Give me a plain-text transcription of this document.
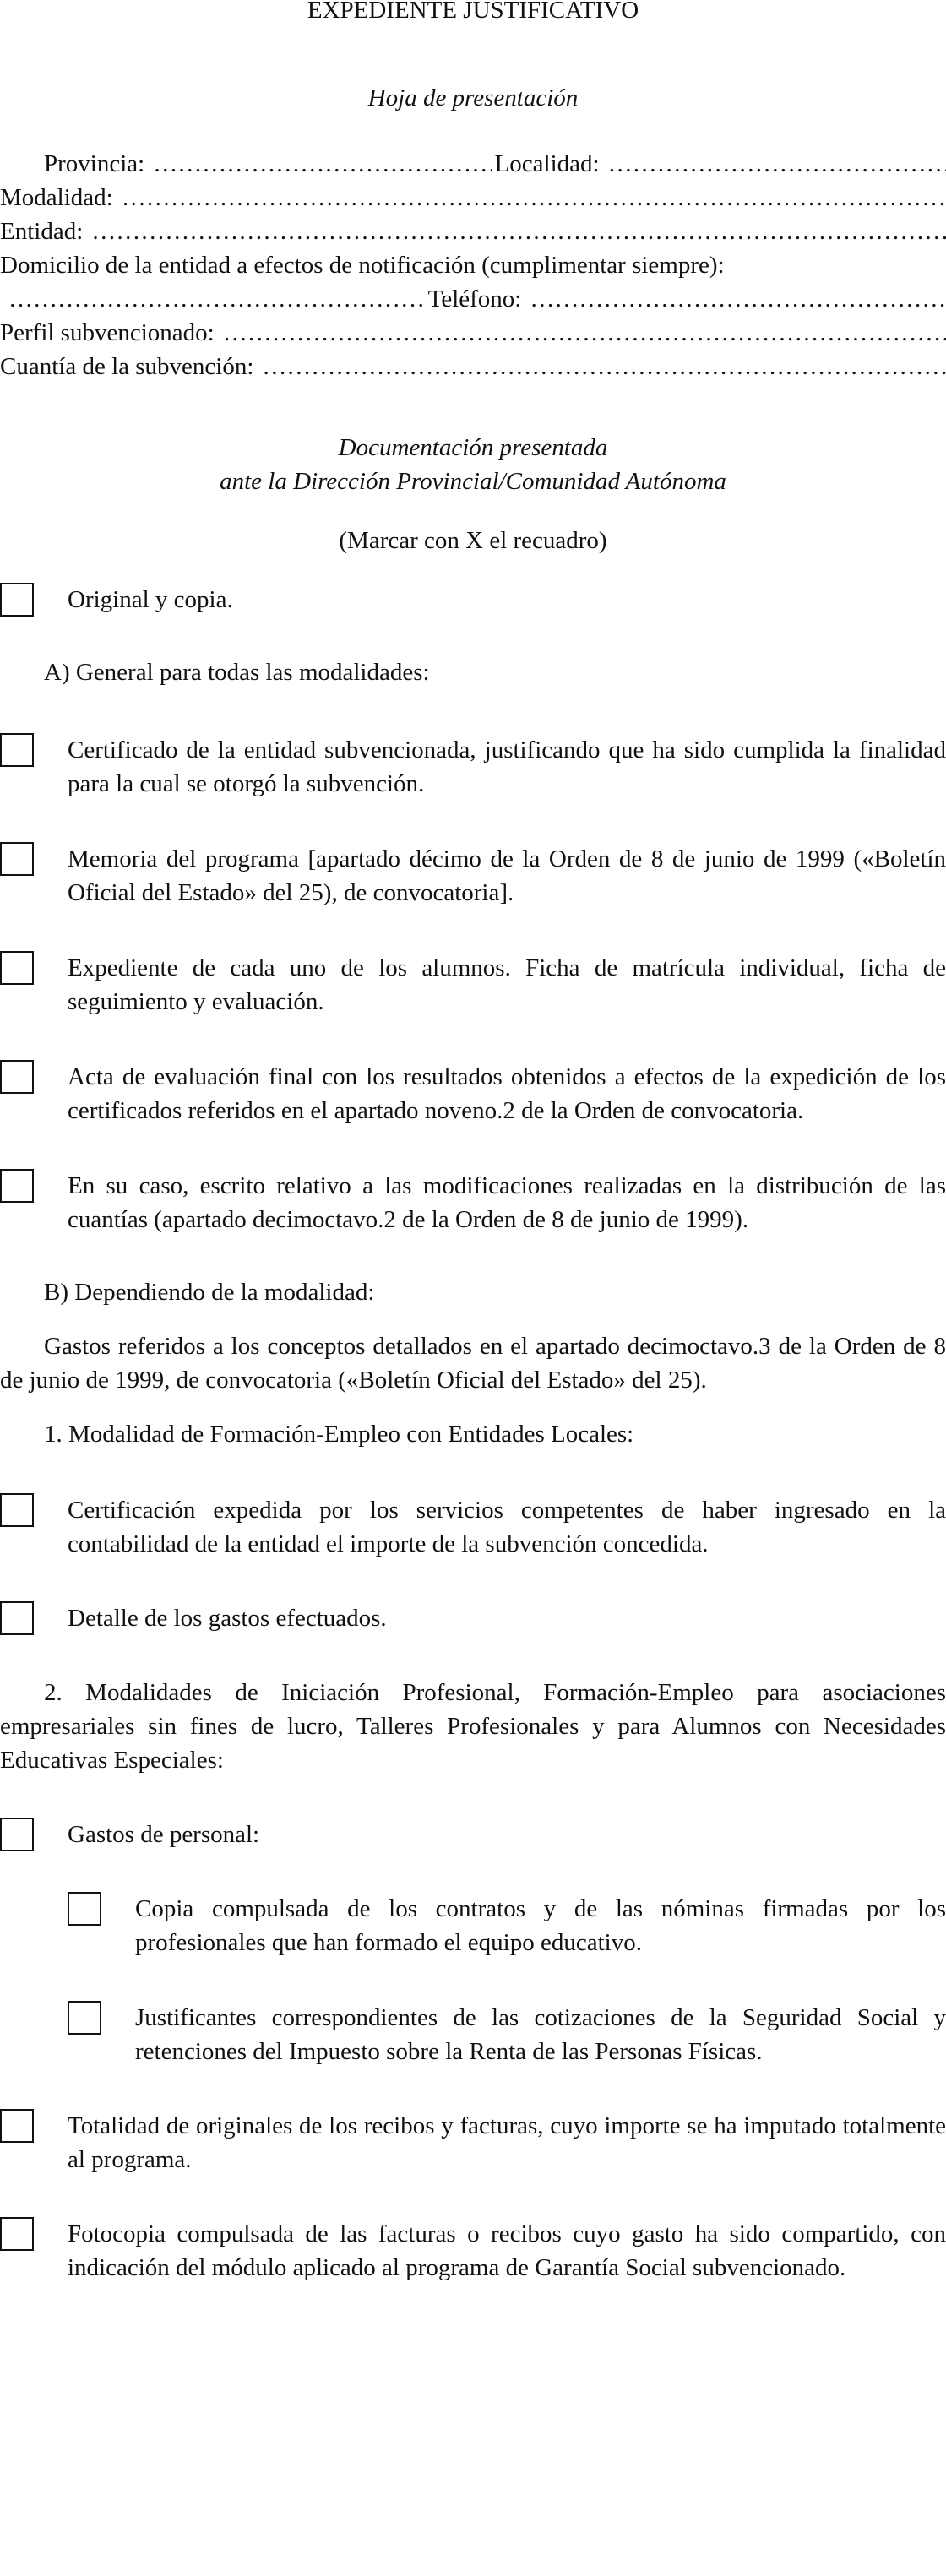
EXPEDIENTE JUSTIFICATIVO
Hoja de presentación
Provincia:
………………………………………………………………………………………………………………………………………………………………	Localidad:
………………………………………………………………………………………………………………………………………………………………
Modalidad:
………………………………………………………………………………………………………………………………………………………………
Entidad:
………………………………………………………………………………………………………………………………………………………………
Domicilio de la entidad a efectos de notificación (cumplimentar siempre):
………………………………………………………………………………………………………………………………………………………………
Teléfono:
………………………………………………………………………………………………………………………………………………………………
Perfil subvencionado:
………………………………………………………………………………………………………………………………………………………………
Cuantía de la subvención:
………………………………………………………………………………………………………………………………………………………………
Documentación presentada
ante la Dirección Provincial/Comunidad Autónoma
(Marcar con X el recuadro)
Original y copia.
A) General para todas las modalidades:
Certificado de la entidad subvencionada, justificando que ha sido cumplida la finalidad para la cual se otorgó la subvención.
Memoria del programa [apartado décimo de la Orden de 8 de junio de 1999 («Boletín Oficial del Estado» del 25), de convocatoria].
Expediente de cada uno de los alumnos. Ficha de matrícula individual, ficha de seguimiento y evaluación.
Acta de evaluación final con los resultados obtenidos a efectos de la expedición de los certificados referidos en el apartado noveno.2 de la Orden de convocatoria.
En su caso, escrito relativo a las modificaciones realizadas en la distribución de las cuantías (apartado decimoctavo.2 de la Orden de 8 de junio de 1999).
B) Dependiendo de la modalidad:
Gastos referidos a los conceptos detallados en el apartado decimoctavo.3 de la Orden de 8 de junio de 1999, de convocatoria («Boletín Oficial del Estado» del 25).
1. Modalidad de Formación-Empleo con Entidades Locales:
Certificación expedida por los servicios competentes de haber ingresado en la contabilidad de la entidad el importe de la subvención concedida.
Detalle de los gastos efectuados.
2. Modalidades de Iniciación Profesional, Formación-Empleo para asociaciones empresariales sin fines de lucro, Talleres Profesionales y para Alumnos con Necesidades Educativas Especiales:
Gastos de personal:
Copia compulsada de los contratos y de las nóminas firmadas por los profesionales que han formado el equipo educativo.
Justificantes correspondientes de las cotizaciones de la Seguridad Social y retenciones del Impuesto sobre la Renta de las Personas Físicas.
Totalidad de originales de los recibos y facturas, cuyo importe se ha imputado totalmente al programa.
Fotocopia compulsada de las facturas o recibos cuyo gasto ha sido compartido, con indicación del módulo aplicado al programa de Garantía Social subvencionado.
